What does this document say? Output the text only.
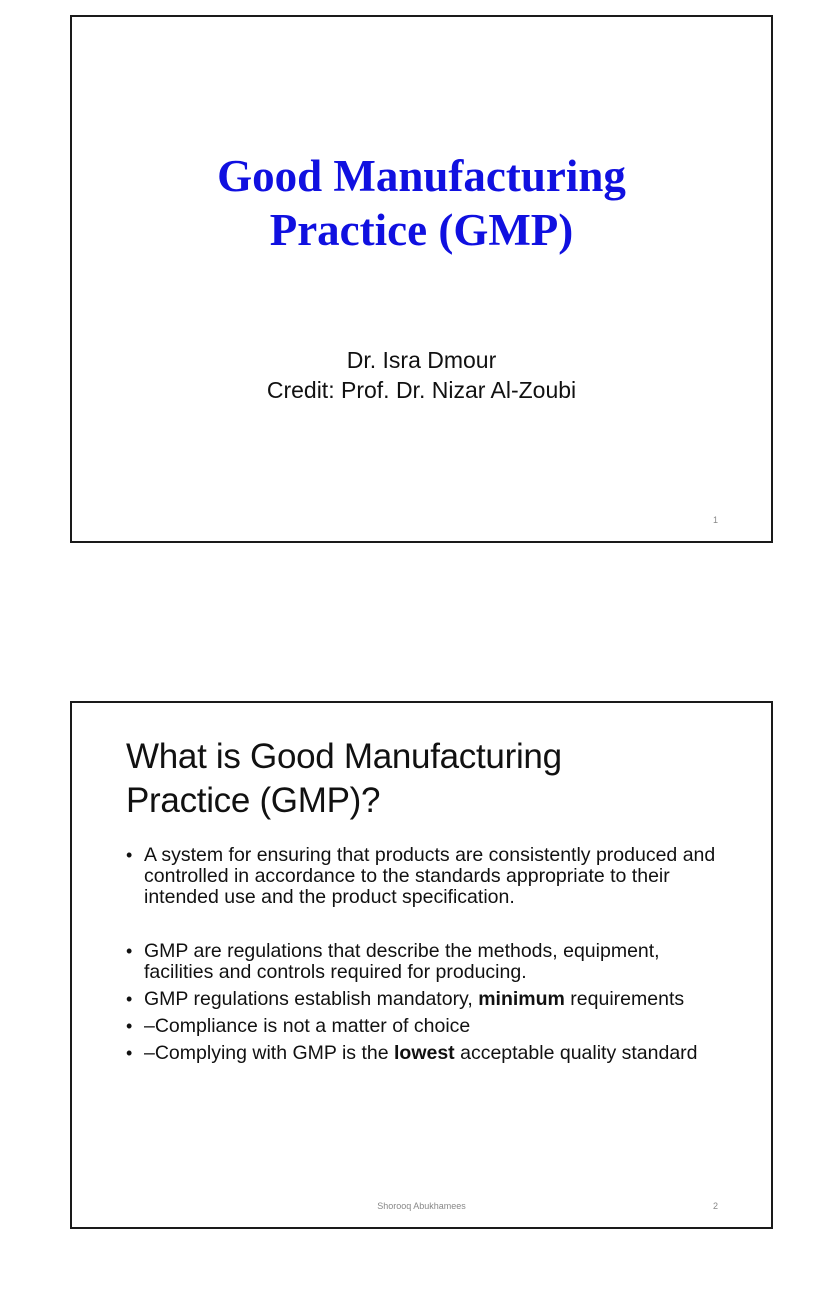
Good Manufacturing
Practice (GMP)
Dr. Isra Dmour
Credit: Prof. Dr. Nizar Al-Zoubi
1
What is Good Manufacturing
Practice (GMP)?
• A system for ensuring that products are consistently produced and controlled in accordance to the standards appropriate to their intended use and the product specification.
• GMP are regulations that describe the methods, equipment, facilities and controls required for producing.
• GMP regulations establish mandatory, minimum requirements
• –Compliance is not a matter of choice
• –Complying with GMP is the lowest acceptable quality standard
Shorooq Abukhamees	2
